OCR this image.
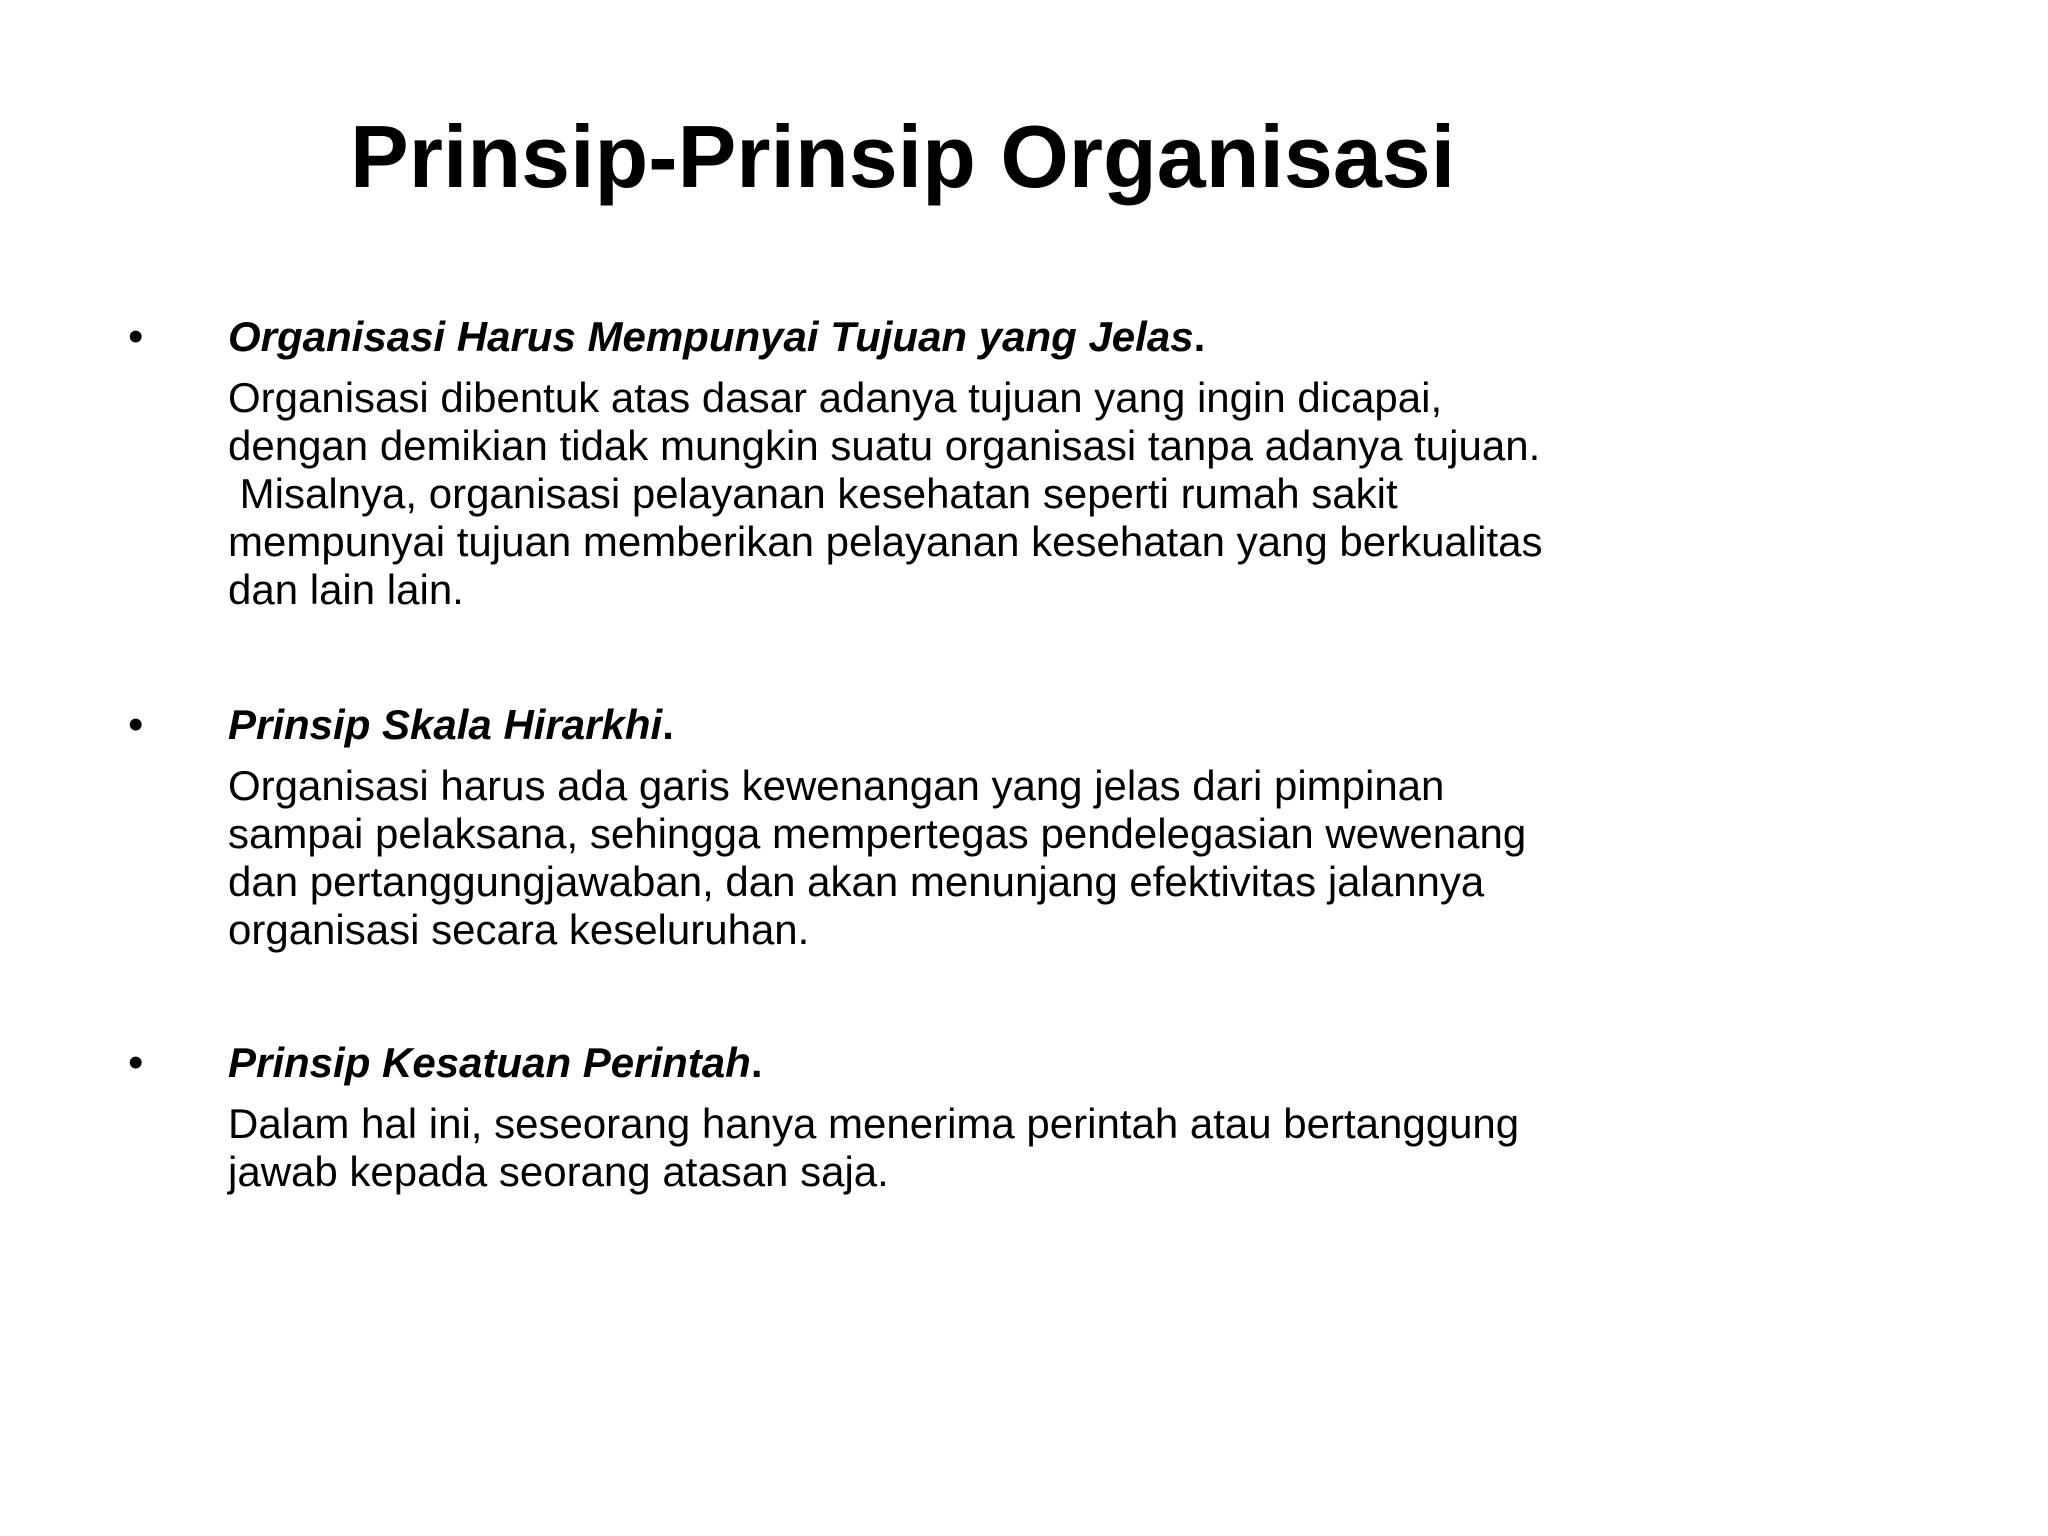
Prinsip-Prinsip Organisasi
• Organisasi Harus Mempunyai Tujuan yang Jelas.
Organisasi dibentuk atas dasar adanya tujuan yang ingin dicapai,
dengan demikian tidak mungkin suatu organisasi tanpa adanya tujuan.
Misalnya, organisasi pelayanan kesehatan seperti rumah sakit
mempunyai tujuan memberikan pelayanan kesehatan yang berkualitas
dan lain lain.
• Prinsip Skala Hirarkhi.
Organisasi harus ada garis kewenangan yang jelas dari pimpinan
sampai pelaksana, sehingga mempertegas pendelegasian wewenang
dan pertanggungjawaban, dan akan menunjang efektivitas jalannya
organisasi secara keseluruhan.
• Prinsip Kesatuan Perintah.
Dalam hal ini, seseorang hanya menerima perintah atau bertanggung
jawab kepada seorang atasan saja.
